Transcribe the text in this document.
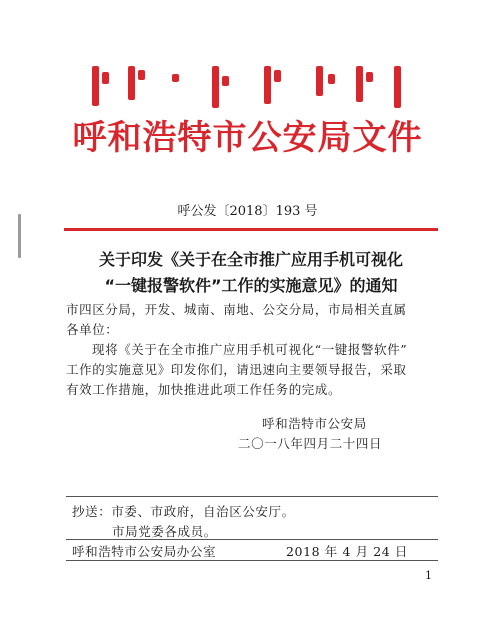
呼和浩特市公安局文件
呼公发〔2018〕193 号
关于印发《关于在全市推广应用手机可视化
“一键报警软件”工作的实施意见》的通知
市四区分局，开发、城南、南地、公交分局，市局相关直属
各单位：
现将《关于在全市推广应用手机可视化“一键报警软件”
工作的实施意见》印发你们，请迅速向主要领导报告，采取
有效工作措施，加快推进此项工作任务的完成。
呼和浩特市公安局
二〇一八年四月二十四日
抄送：市委、市政府，自治区公安厅。
市局党委各成员。
呼和浩特市公安局办公室	2018 年 4 月 24 日
1
